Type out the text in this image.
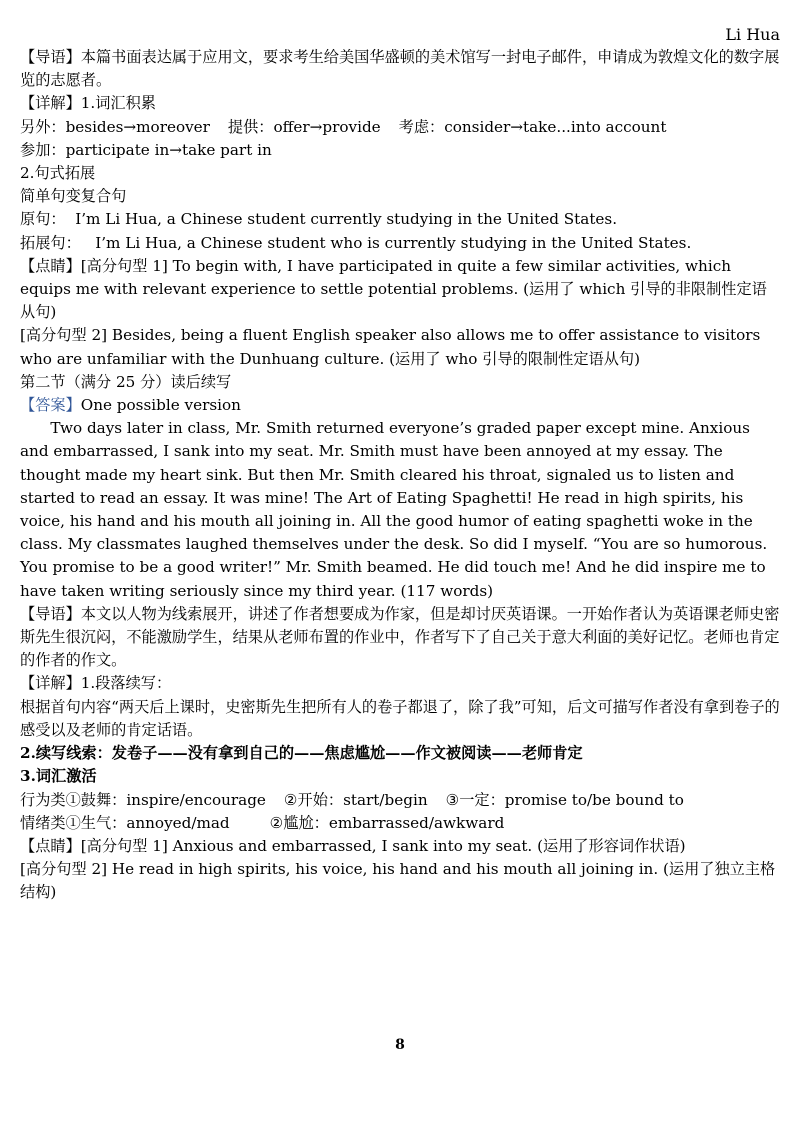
Li Hua
【导语】本篇书面表达属于应用文，要求考生给美国华盛顿的美术馆写一封电子邮件，申请成为敦煌文化的数字展览的志愿者。
【详解】1.词汇积累
另外：besides→moreover 提供：offer→provide 考虑：consider→take...into account
参加：participate in→take part in
2.句式拓展
简单句变复合句
原句： I’m Li Hua, a Chinese student currently studying in the United States.
拓展句： I’m Li Hua, a Chinese student who is currently studying in the United States.
【点睛】[高分句型 1] To begin with, I have participated in quite a few similar activities, which equips me with relevant experience to settle potential problems. (运用了 which 引导的非限制性定语从句)
[高分句型 2] Besides, being a fluent English speaker also allows me to offer assistance to visitors who are unfamiliar with the Dunhuang culture. (运用了 who 引导的限制性定语从句)
第二节（满分 25 分）读后续写
【答案】One possible version
Two days later in class, Mr. Smith returned everyone’s graded paper except mine. Anxious and embarrassed, I sank into my seat. Mr. Smith must have been annoyed at my essay. The thought made my heart sink. But then Mr. Smith cleared his throat, signaled us to listen and started to read an essay. It was mine! The Art of Eating Spaghetti! He read in high spirits, his voice, his hand and his mouth all joining in. All the good humor of eating spaghetti woke in the class. My classmates laughed themselves under the desk. So did I myself. “You are so humorous. You promise to be a good writer!” Mr. Smith beamed. He did touch me! And he did inspire me to have taken writing seriously since my third year. (117 words)
【导语】本文以人物为线索展开，讲述了作者想要成为作家，但是却讨厌英语课。一开始作者认为英语课老师史密斯先生很沉闷，不能激励学生，结果从老师布置的作业中，作者写下了自己关于意大利面的美好记忆。老师也肯定的作者的作文。
【详解】1.段落续写：
根据首句内容“两天后上课时，史密斯先生把所有人的卷子都退了，除了我”可知，后文可描写作者没有拿到卷子的感受以及老师的肯定话语。
2.续写线索：发卷子——没有拿到自己的——焦虑尴尬——作文被阅读——老师肯定
3.词汇激活
行为类①鼓舞：inspire/encourage ②开始：start/begin ③一定：promise to/be bound to
情绪类①生气：annoyed/mad	②尴尬：embarrassed/awkward
【点睛】[高分句型 1] Anxious and embarrassed, I sank into my seat. (运用了形容词作状语)
[高分句型 2] He read in high spirits, his voice, his hand and his mouth all joining in. (运用了独立主格结构)
8
